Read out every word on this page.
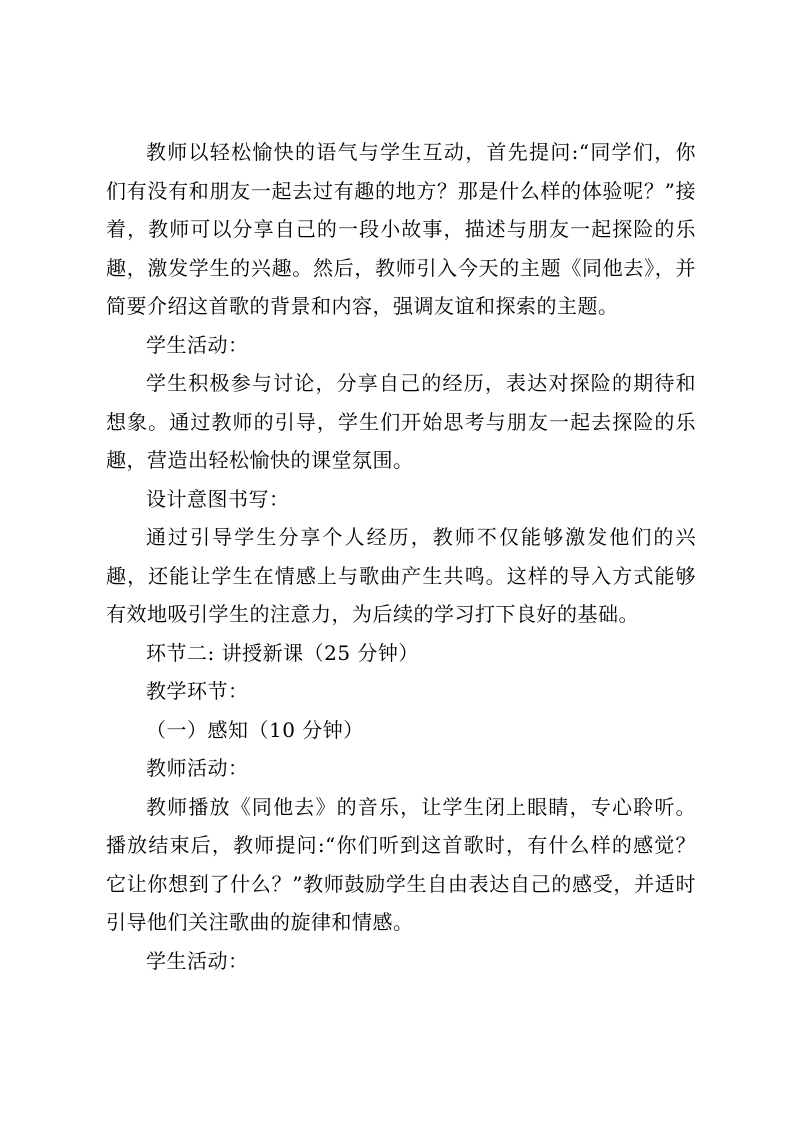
教师以轻松愉快的语气与学生互动，首先提问:“同学们，你们有没有和朋友一起去过有趣的地方？那是什么样的体验呢？”接着，教师可以分享自己的一段小故事，描述与朋友一起探险的乐趣，激发学生的兴趣。然后，教师引入今天的主题《同他去》，并简要介绍这首歌的背景和内容，强调友谊和探索的主题。

学生活动：

学生积极参与讨论，分享自己的经历，表达对探险的期待和想象。通过教师的引导，学生们开始思考与朋友一起去探险的乐趣，营造出轻松愉快的课堂氛围。

设计意图书写：

通过引导学生分享个人经历，教师不仅能够激发他们的兴趣，还能让学生在情感上与歌曲产生共鸣。这样的导入方式能够有效地吸引学生的注意力，为后续的学习打下良好的基础。

环节二: 讲授新课（25 分钟）

教学环节：

（一）感知（10 分钟）

教师活动：

教师播放《同他去》的音乐，让学生闭上眼睛，专心聆听。播放结束后，教师提问:“你们听到这首歌时，有什么样的感觉？它让你想到了什么？”教师鼓励学生自由表达自己的感受，并适时引导他们关注歌曲的旋律和情感。

学生活动：
